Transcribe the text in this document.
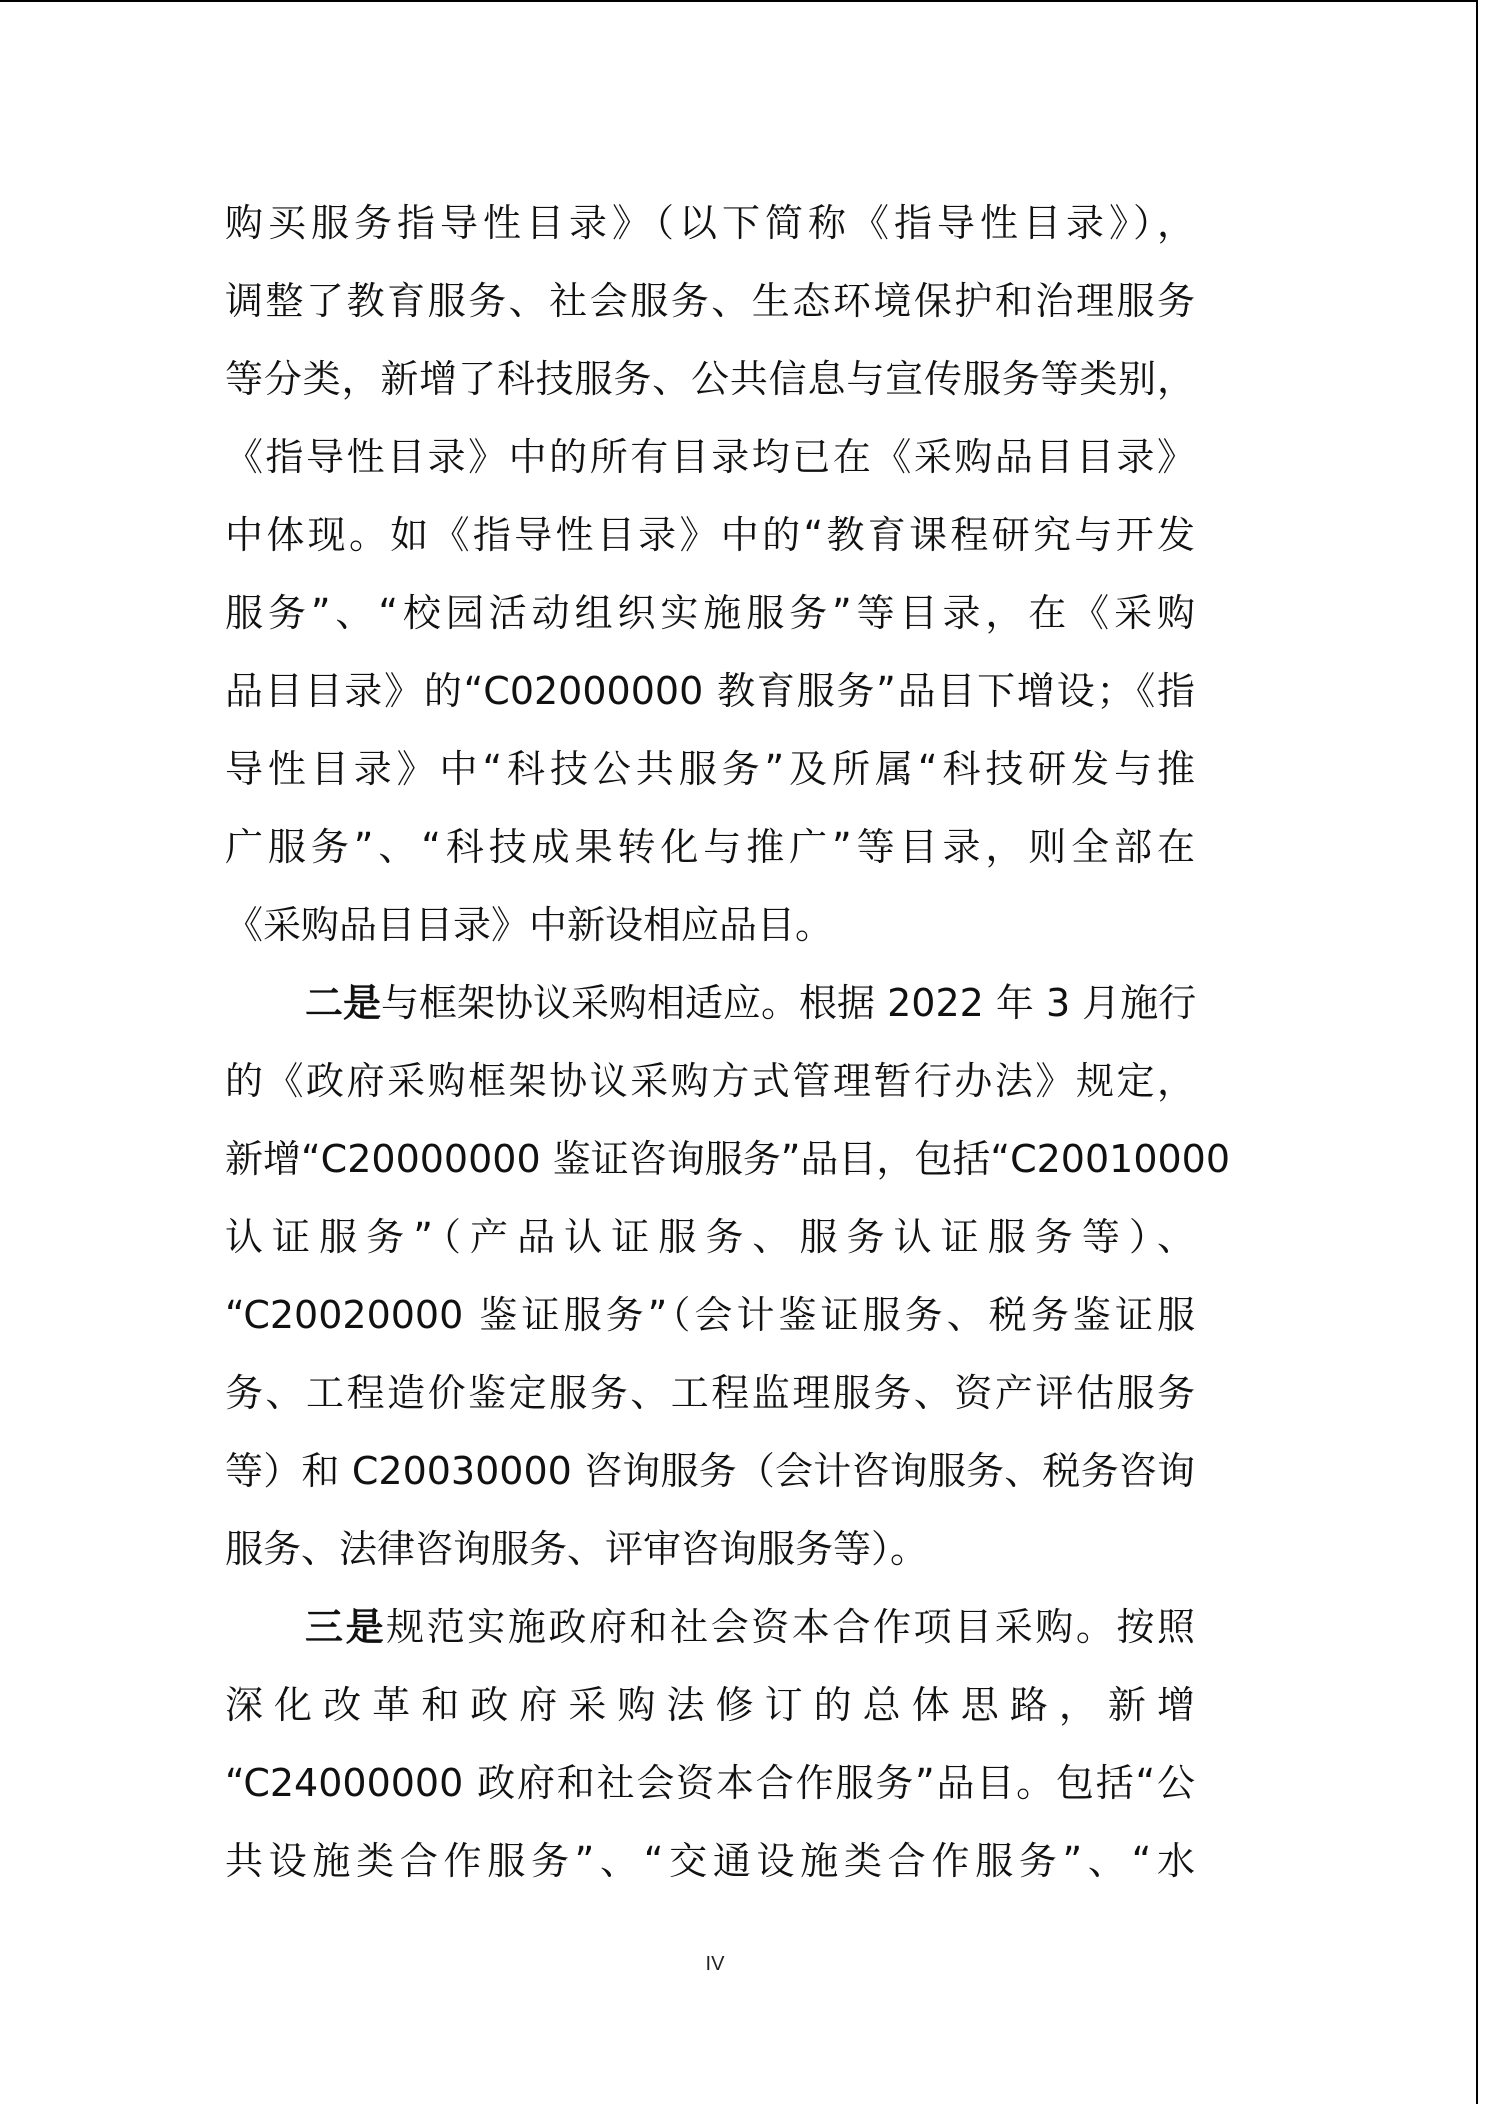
购买服务指导性目录》（以下简称《指导性目录》），
调整了教育服务、社会服务、生态环境保护和治理服务
等分类，新增了科技服务、公共信息与宣传服务等类别，
《指导性目录》中的所有目录均已在《采购品目目录》
中体现。如《指导性目录》中的“教育课程研究与开发
服务”、“校园活动组织实施服务”等目录，在《采购
品目目录》的“C02000000 教育服务”品目下增设；《指
导性目录》中“科技公共服务”及所属“科技研发与推
广服务”、“科技成果转化与推广”等目录，则全部在
《采购品目目录》中新设相应品目。
二是与框架协议采购相适应。根据 2022 年 3 月施行
的《政府采购框架协议采购方式管理暂行办法》规定，
新增“C20000000 鉴证咨询服务”品目，包括“C20010000
认证服务”（产品认证服务、服务认证服务等）、
“C20020000 鉴证服务”（会计鉴证服务、税务鉴证服
务、工程造价鉴定服务、工程监理服务、资产评估服务
等）和 C20030000 咨询服务（会计咨询服务、税务咨询
服务、法律咨询服务、评审咨询服务等）。
三是规范实施政府和社会资本合作项目采购。按照
深化改革和政府采购法修订的总体思路，新增
“C24000000 政府和社会资本合作服务”品目。包括“公
共设施类合作服务”、“交通设施类合作服务”、“水
IV
